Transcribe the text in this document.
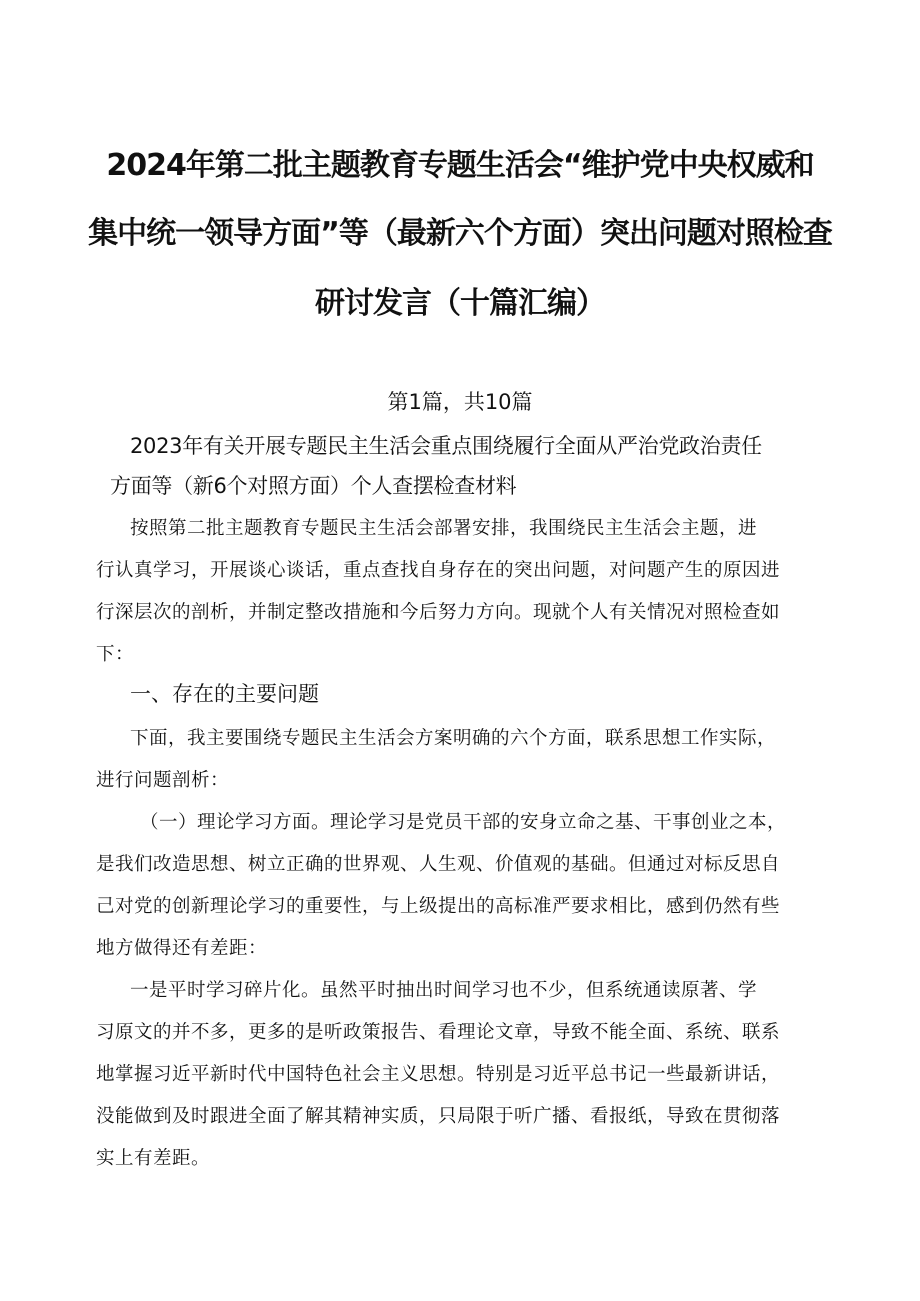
2024年第二批主题教育专题生活会“维护党中央权威和
集中统一领导方面”等（最新六个方面）突出问题对照检查
研讨发言（十篇汇编）
第1篇，共10篇
2023年有关开展专题民主生活会重点围绕履行全面从严治党政治责任
方面等（新6个对照方面）个人查摆检查材料
按照第二批主题教育专题民主生活会部署安排，我围绕民主生活会主题，进
行认真学习，开展谈心谈话，重点查找自身存在的突出问题，对问题产生的原因进
行深层次的剖析，并制定整改措施和今后努力方向。现就个人有关情况对照检查如
下：
一、存在的主要问题
下面，我主要围绕专题民主生活会方案明确的六个方面，联系思想工作实际，
进行问题剖析：
（一）理论学习方面。理论学习是党员干部的安身立命之基、干事创业之本，
是我们改造思想、树立正确的世界观、人生观、价值观的基础。但通过对标反思自
己对党的创新理论学习的重要性，与上级提出的高标准严要求相比，感到仍然有些
地方做得还有差距：
一是平时学习碎片化。虽然平时抽出时间学习也不少，但系统通读原著、学
习原文的并不多，更多的是听政策报告、看理论文章，导致不能全面、系统、联系
地掌握习近平新时代中国特色社会主义思想。特别是习近平总书记一些最新讲话，
没能做到及时跟进全面了解其精神实质，只局限于听广播、看报纸，导致在贯彻落
实上有差距。
